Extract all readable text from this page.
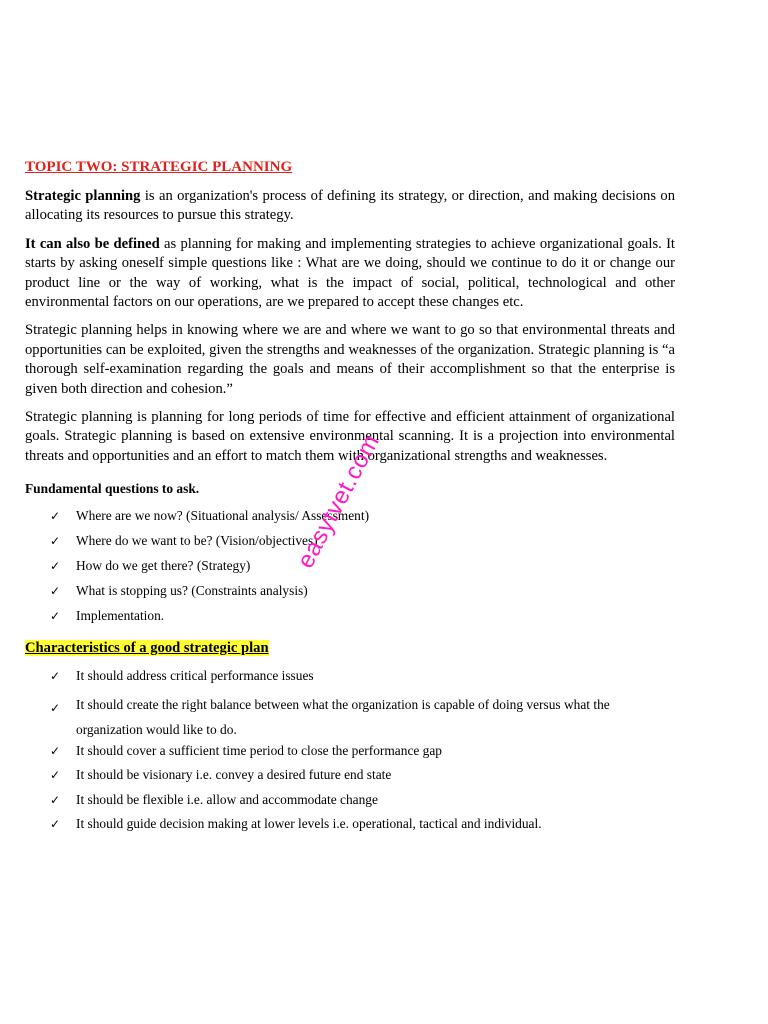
TOPIC TWO: STRATEGIC PLANNING

Strategic planning is an organization's process of defining its strategy, or direction, and making decisions on allocating its resources to pursue this strategy.

It can also be defined as planning for making and implementing strategies to achieve organizational goals. It starts by asking oneself simple questions like : What are we doing, should we continue to do it or change our product line or the way of working, what is the impact of social, political, technological and other environmental factors on our operations, are we prepared to accept these changes etc.

Strategic planning helps in knowing where we are and where we want to go so that environmental threats and opportunities can be exploited, given the strengths and weaknesses of the organization. Strategic planning is “a thorough self-examination regarding the goals and means of their accomplishment so that the enterprise is given both direction and cohesion.”

Strategic planning is planning for long periods of time for effective and efficient attainment of organizational goals. Strategic planning is based on extensive environmental scanning. It is a projection into environmental threats and opportunities and an effort to match them with organizational strengths and weaknesses.

Fundamental questions to ask.
✓ Where are we now? (Situational analysis/ Assessment)
✓ Where do we want to be? (Vision/objectives)
✓ How do we get there? (Strategy)
✓ What is stopping us? (Constraints analysis)
✓ Implementation.
Characteristics of a good strategic plan
✓ It should address critical performance issues
✓ It should create the right balance between what the organization is capable of doing versus what the organization would like to do.
✓ It should cover a sufficient time period to close the performance gap
✓ It should be visionary i.e. convey a desired future end state
✓ It should be flexible i.e. allow and accommodate change
✓ It should guide decision making at lower levels i.e. operational, tactical and individual.
easytvet.com
